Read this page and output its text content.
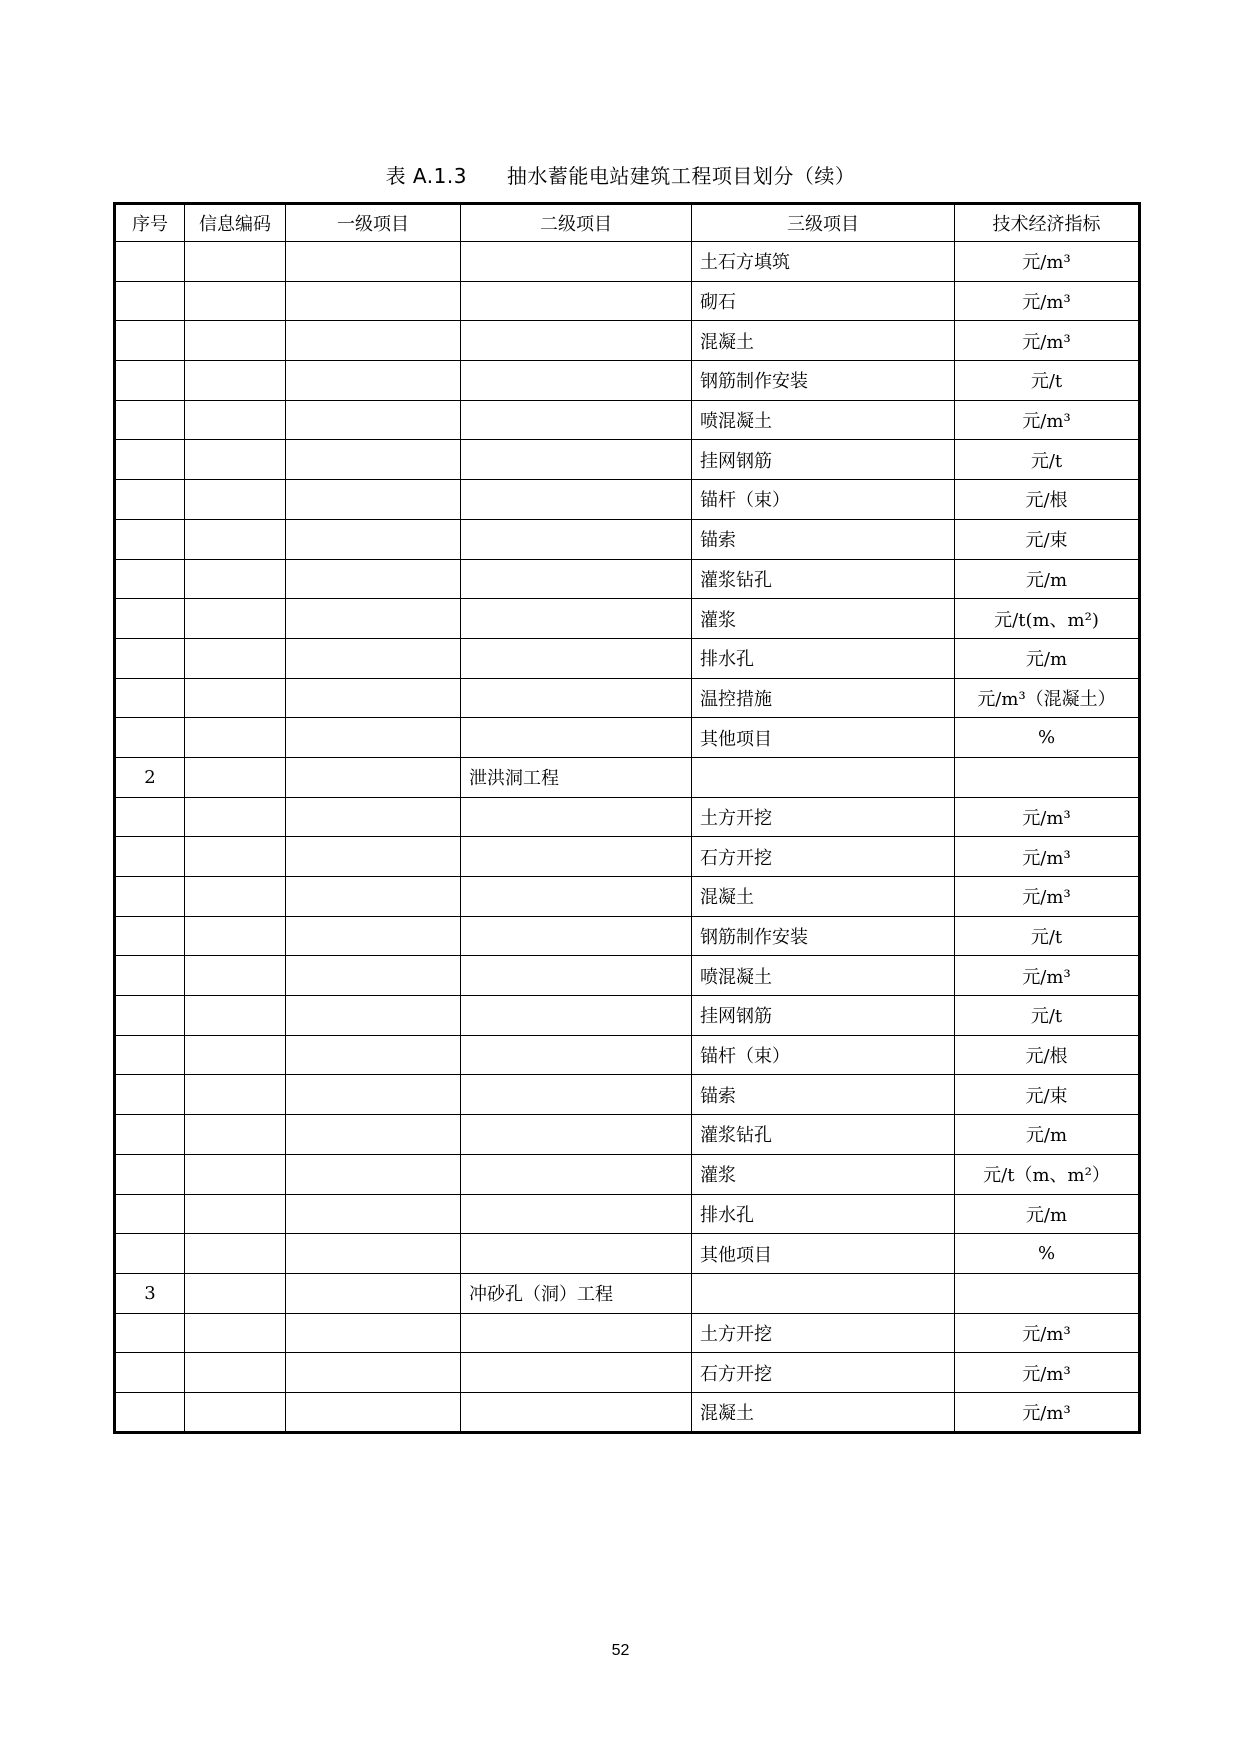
表 A.1.3 抽水蓄能电站建筑工程项目划分（续）
序号	信息编码	一级项目	二级项目	三级项目	技术经济指标
				土石方填筑	元/m³
				砌石	元/m³
				混凝土	元/m³
				钢筋制作安装	元/t
				喷混凝土	元/m³
				挂网钢筋	元/t
				锚杆（束）	元/根
				锚索	元/束
				灌浆钻孔	元/m
				灌浆	元/t(m、m²)
				排水孔	元/m
				温控措施	元/m³（混凝土）
				其他项目	%
2			泄洪洞工程		
				土方开挖	元/m³
				石方开挖	元/m³
				混凝土	元/m³
				钢筋制作安装	元/t
				喷混凝土	元/m³
				挂网钢筋	元/t
				锚杆（束）	元/根
				锚索	元/束
				灌浆钻孔	元/m
				灌浆	元/t（m、m²）
				排水孔	元/m
				其他项目	%
3			冲砂孔（洞）工程		
				土方开挖	元/m³
				石方开挖	元/m³
				混凝土	元/m³
52
